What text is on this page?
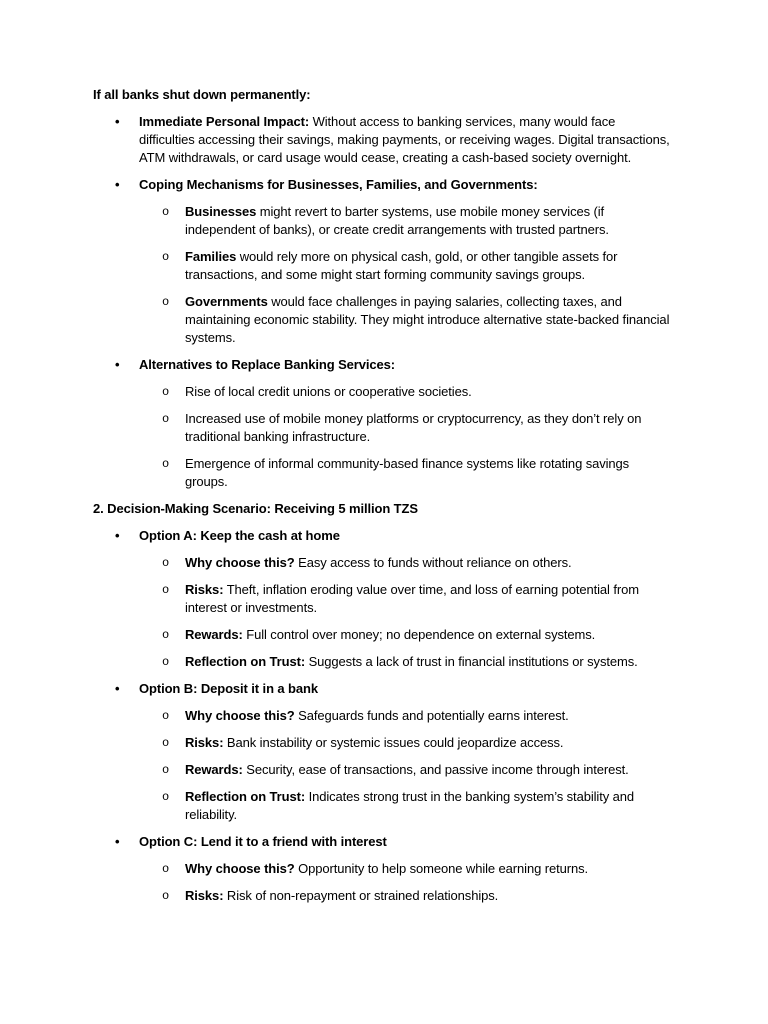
If all banks shut down permanently:

• Immediate Personal Impact: Without access to banking services, many would face difficulties accessing their savings, making payments, or receiving wages. Digital transactions, ATM withdrawals, or card usage would cease, creating a cash-based society overnight.
• Coping Mechanisms for Businesses, Families, and Governments:
o Businesses might revert to barter systems, use mobile money services (if independent of banks), or create credit arrangements with trusted partners.
o Families would rely more on physical cash, gold, or other tangible assets for transactions, and some might start forming community savings groups.
o Governments would face challenges in paying salaries, collecting taxes, and maintaining economic stability. They might introduce alternative state-backed financial systems.
• Alternatives to Replace Banking Services:
o Rise of local credit unions or cooperative societies.
o Increased use of mobile money platforms or cryptocurrency, as they don’t rely on traditional banking infrastructure.
o Emergence of informal community-based finance systems like rotating savings groups.

2. Decision-Making Scenario: Receiving 5 million TZS

• Option A: Keep the cash at home
o Why choose this? Easy access to funds without reliance on others.
o Risks: Theft, inflation eroding value over time, and loss of earning potential from interest or investments.
o Rewards: Full control over money; no dependence on external systems.
o Reflection on Trust: Suggests a lack of trust in financial institutions or systems.
• Option B: Deposit it in a bank
o Why choose this? Safeguards funds and potentially earns interest.
o Risks: Bank instability or systemic issues could jeopardize access.
o Rewards: Security, ease of transactions, and passive income through interest.
o Reflection on Trust: Indicates strong trust in the banking system’s stability and reliability.
• Option C: Lend it to a friend with interest
o Why choose this? Opportunity to help someone while earning returns.
o Risks: Risk of non-repayment or strained relationships.
